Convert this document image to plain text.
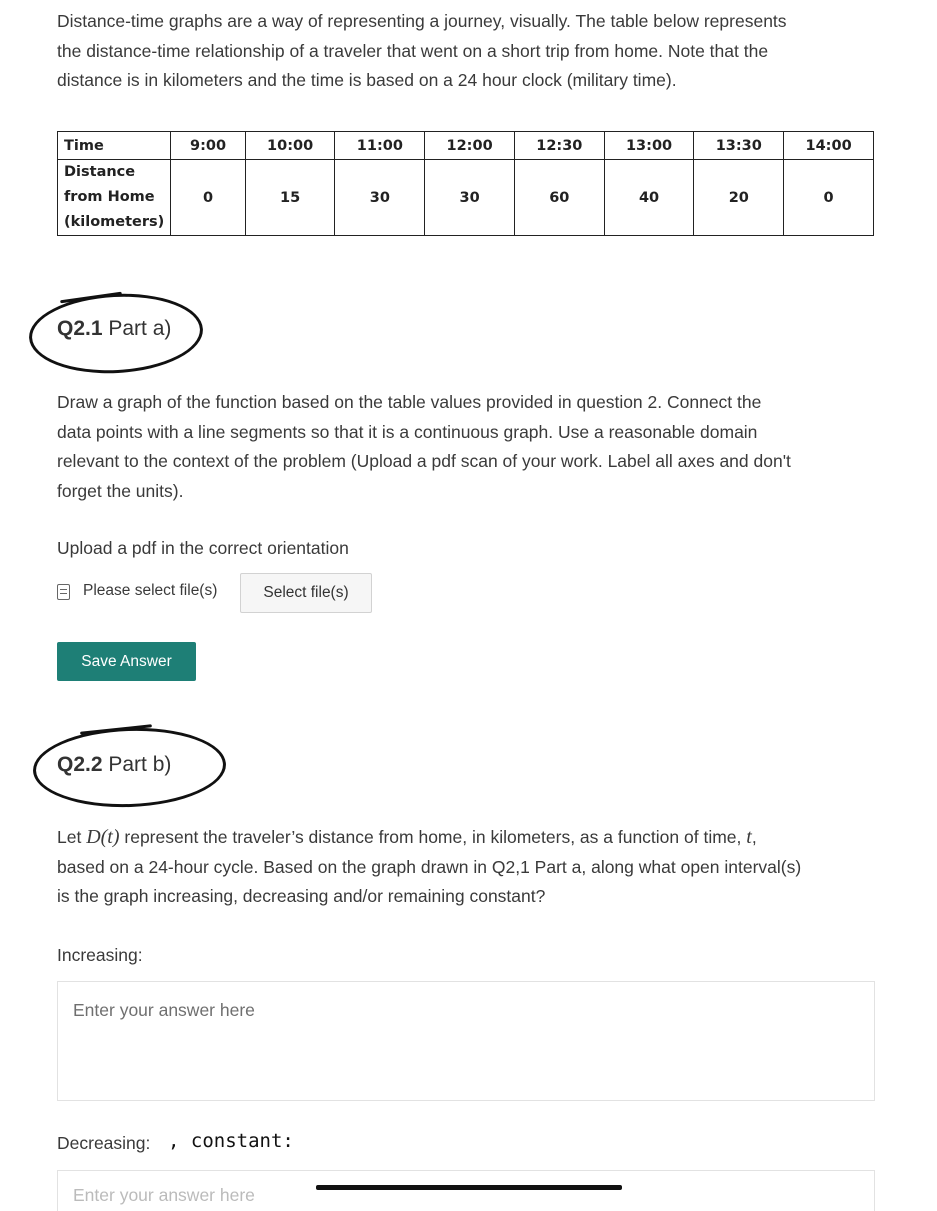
Distance-time graphs are a way of representing a journey, visually. The table below represents
the distance-time relationship of a traveler that went on a short trip from home. Note that the
distance is in kilometers and the time is based on a 24 hour clock (military time).
Time	9:00	10:00	11:00	12:00	12:30	13:00	13:30	14:00

Distance
from Home
(kilometers)	0	15	30	30	60	40	20	0
Q2.1 Part a)
Draw a graph of the function based on the table values provided in question 2. Connect the
data points with a line segments so that it is a continuous graph. Use a reasonable domain
relevant to the context of the problem (Upload a pdf scan of your work. Label all axes and don't
forget the units).
Upload a pdf in the correct orientation
Please select file(s)	Select file(s)
Save Answer
Q2.2 Part b)
Let D(t) represent the traveler’s distance from home, in kilometers, as a function of time, t,
based on a 24-hour cycle. Based on the graph drawn in Q2,1 Part a, along what open interval(s)
is the graph increasing, decreasing and/or remaining constant?
Increasing:
Enter your answer here
Decreasing: , constant:
Enter your answer here
